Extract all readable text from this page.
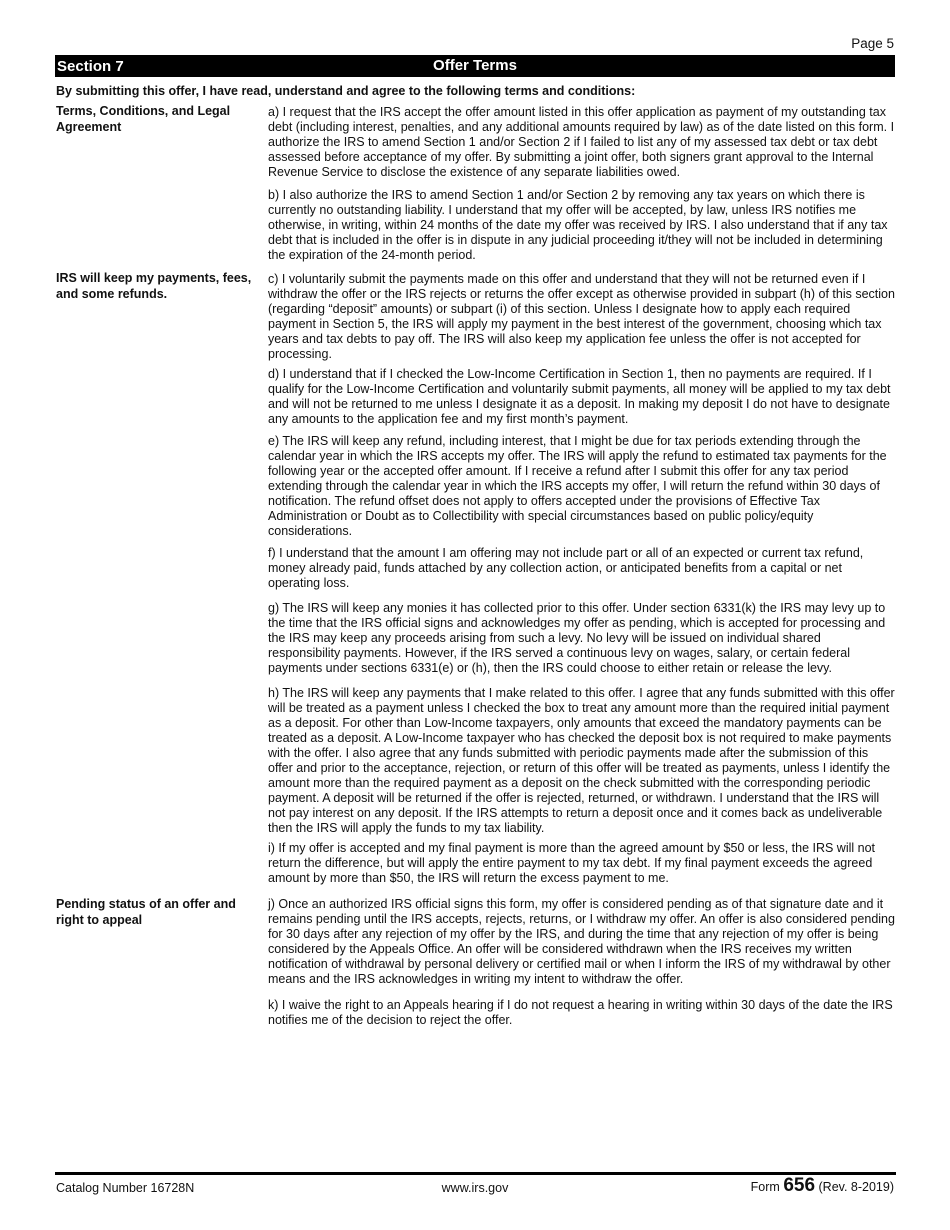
Page 5
Section 7	Offer Terms
By submitting this offer, I have read, understand and agree to the following terms and conditions:
Terms, Conditions, and Legal Agreement

a) I request that the IRS accept the offer amount listed in this offer application as payment of my outstanding tax debt (including interest, penalties, and any additional amounts required by law) as of the date listed on this form. I authorize the IRS to amend Section 1 and/or Section 2 if I failed to list any of my assessed tax debt or tax debt assessed before acceptance of my offer. By submitting a joint offer, both signers grant approval to the Internal Revenue Service to disclose the existence of any separate liabilities owed.

b) I also authorize the IRS to amend Section 1 and/or Section 2 by removing any tax years on which there is currently no outstanding liability. I understand that my offer will be accepted, by law, unless IRS notifies me otherwise, in writing, within 24 months of the date my offer was received by IRS. I also understand that if any tax debt that is included in the offer is in dispute in any judicial proceeding it/they will not be included in determining the expiration of the 24-month period.

IRS will keep my payments, fees, and some refunds.

c) I voluntarily submit the payments made on this offer and understand that they will not be returned even if I withdraw the offer or the IRS rejects or returns the offer except as otherwise provided in subpart (h) of this section (regarding “deposit” amounts) or subpart (i) of this section. Unless I designate how to apply each required payment in Section 5, the IRS will apply my payment in the best interest of the government, choosing which tax years and tax debts to pay off. The IRS will also keep my application fee unless the offer is not accepted for processing.

d) I understand that if I checked the Low-Income Certification in Section 1, then no payments are required. If I qualify for the Low-Income Certification and voluntarily submit payments, all money will be applied to my tax debt and will not be returned to me unless I designate it as a deposit. In making my deposit I do not have to designate any amounts to the application fee and my first month’s payment.

e) The IRS will keep any refund, including interest, that I might be due for tax periods extending through the calendar year in which the IRS accepts my offer. The IRS will apply the refund to estimated tax payments for the following year or the accepted offer amount. If I receive a refund after I submit this offer for any tax period extending through the calendar year in which the IRS accepts my offer, I will return the refund within 30 days of notification. The refund offset does not apply to offers accepted under the provisions of Effective Tax Administration or Doubt as to Collectibility with special circumstances based on public policy/equity considerations.

f) I understand that the amount I am offering may not include part or all of an expected or current tax refund, money already paid, funds attached by any collection action, or anticipated benefits from a capital or net operating loss.

g) The IRS will keep any monies it has collected prior to this offer. Under section 6331(k) the IRS may levy up to the time that the IRS official signs and acknowledges my offer as pending, which is accepted for processing and the IRS may keep any proceeds arising from such a levy. No levy will be issued on individual shared responsibility payments. However, if the IRS served a continuous levy on wages, salary, or certain federal payments under sections 6331(e) or (h), then the IRS could choose to either retain or release the levy.

h) The IRS will keep any payments that I make related to this offer. I agree that any funds submitted with this offer will be treated as a payment unless I checked the box to treat any amount more than the required initial payment as a deposit. For other than Low-Income taxpayers, only amounts that exceed the mandatory payments can be treated as a deposit. A Low-Income taxpayer who has checked the deposit box is not required to make payments with the offer. I also agree that any funds submitted with periodic payments made after the submission of this offer and prior to the acceptance, rejection, or return of this offer will be treated as payments, unless I identify the amount more than the required payment as a deposit on the check submitted with the corresponding periodic payment. A deposit will be returned if the offer is rejected, returned, or withdrawn. I understand that the IRS will not pay interest on any deposit. If the IRS attempts to return a deposit once and it comes back as undeliverable then the IRS will apply the funds to my tax liability.

i) If my offer is accepted and my final payment is more than the agreed amount by $50 or less, the IRS will not return the difference, but will apply the entire payment to my tax debt. If my final payment exceeds the agreed amount by more than $50, the IRS will return the excess payment to me.

Pending status of an offer and right to appeal

j) Once an authorized IRS official signs this form, my offer is considered pending as of that signature date and it remains pending until the IRS accepts, rejects, returns, or I withdraw my offer. An offer is also considered pending for 30 days after any rejection of my offer by the IRS, and during the time that any rejection of my offer is being considered by the Appeals Office. An offer will be considered withdrawn when the IRS receives my written notification of withdrawal by personal delivery or certified mail or when I inform the IRS of my withdrawal by other means and the IRS acknowledges in writing my intent to withdraw the offer.

k) I waive the right to an Appeals hearing if I do not request a hearing in writing within 30 days of the date the IRS notifies me of the decision to reject the offer.

Catalog Number 16728N	www.irs.gov	Form 656 (Rev. 8-2019)
